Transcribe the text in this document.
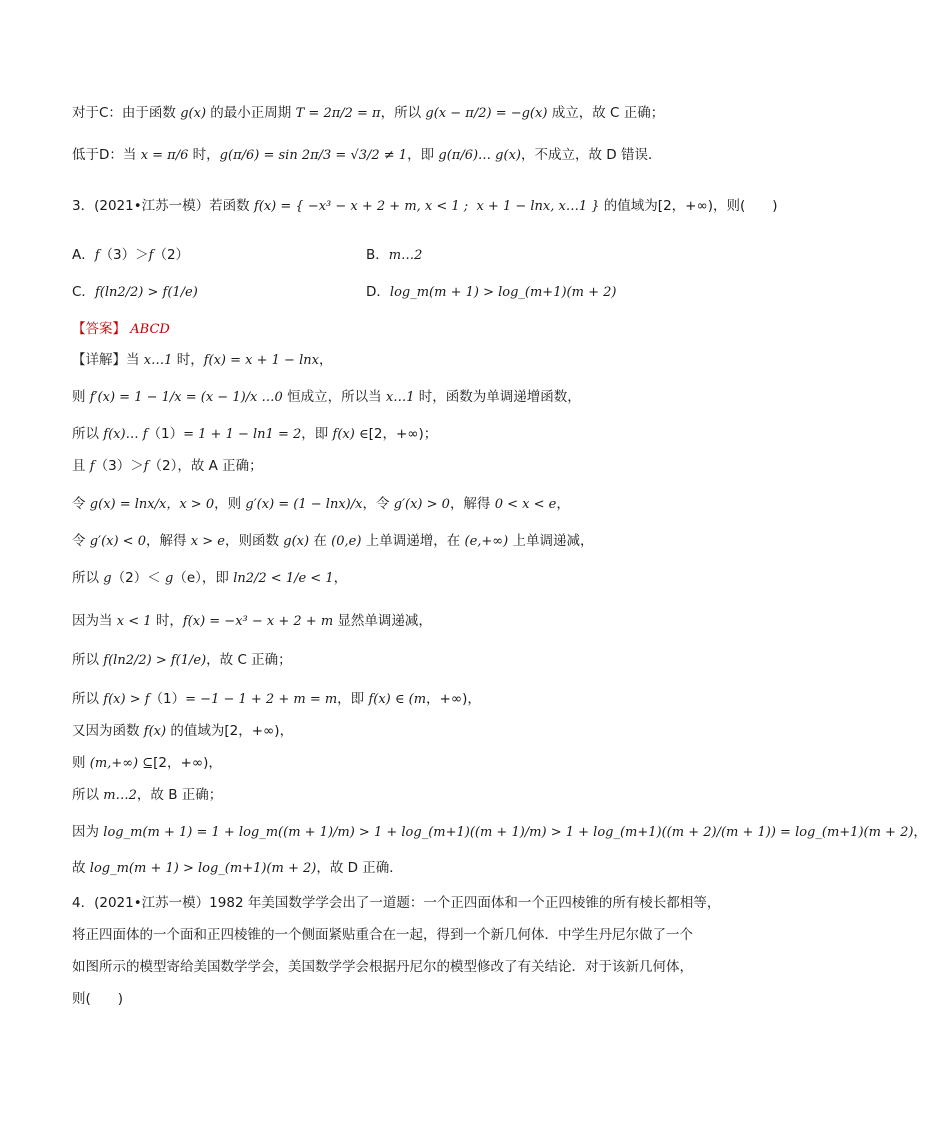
对于C：由于函数 g(x) 的最小正周期 T = 2π/2 = π，所以 g(x − π/2) = −g(x) 成立，故 C 正确；
低于D：当 x = π/6 时，g(π/6) = sin 2π/3 = √3/2 ≠ 1，即 g(π/6)… g(x)，不成立，故 D 错误．
3．(2021•江苏一模）若函数 f(x) = { −x³ − x + 2 + m, x < 1 ;  x + 1 − lnx, x…1 } 的值域为[2，+∞)，则(　　)
A．f（3）＞f（2）
C．f(ln2/2) > f(1/e)
【答案】 ABCD
【详解】当 x…1 时，f(x) = x + 1 − lnx，
则 f′(x) = 1 − 1/x = (x − 1)/x …0 恒成立，所以当 x…1 时，函数为单调递增函数，
所以 f(x)… f（1）= 1 + 1 − ln1 = 2，即 f(x) ∈[2，+∞)；
且 f（3）＞f（2），故 A 正确；
令 g(x) = lnx/x，x > 0，则 g′(x) = (1 − lnx)/x，令 g′(x) > 0，解得 0 < x < e，
令 g′(x) < 0，解得 x > e，则函数 g(x) 在 (0,e) 上单调递增，在 (e,+∞) 上单调递减，
所以 g（2）＜ g（e），即 ln2/2 < 1/e < 1，
因为当 x < 1 时，f(x) = −x³ − x + 2 + m 显然单调递减，
所以 f(ln2/2) > f(1/e)，故 C 正确；
所以 f(x) > f（1）= −1 − 1 + 2 + m = m，即 f(x) ∈ (m，+∞)，
又因为函数 f(x) 的值域为[2，+∞)，
则 (m,+∞) ⊆[2，+∞)，
所以 m…2，故 B 正确；
因为 log_m(m + 1) = 1 + log_m((m + 1)/m) > 1 + log_(m+1)((m + 1)/m) > 1 + log_(m+1)((m + 2)/(m + 1)) = log_(m+1)(m + 2)，
故 log_m(m + 1) > log_(m+1)(m + 2)，故 D 正确．
4．(2021•江苏一模）1982 年美国数学学会出了一道题：一个正四面体和一个正四棱锥的所有棱长都相等，
将正四面体的一个面和正四棱锥的一个侧面紧贴重合在一起，得到一个新几何体．中学生丹尼尔做了一个
如图所示的模型寄给美国数学学会，美国数学学会根据丹尼尔的模型修改了有关结论．对于该新几何体，
则(　　)
B．m…2
D．log_m(m + 1) > log_(m+1)(m + 2)
